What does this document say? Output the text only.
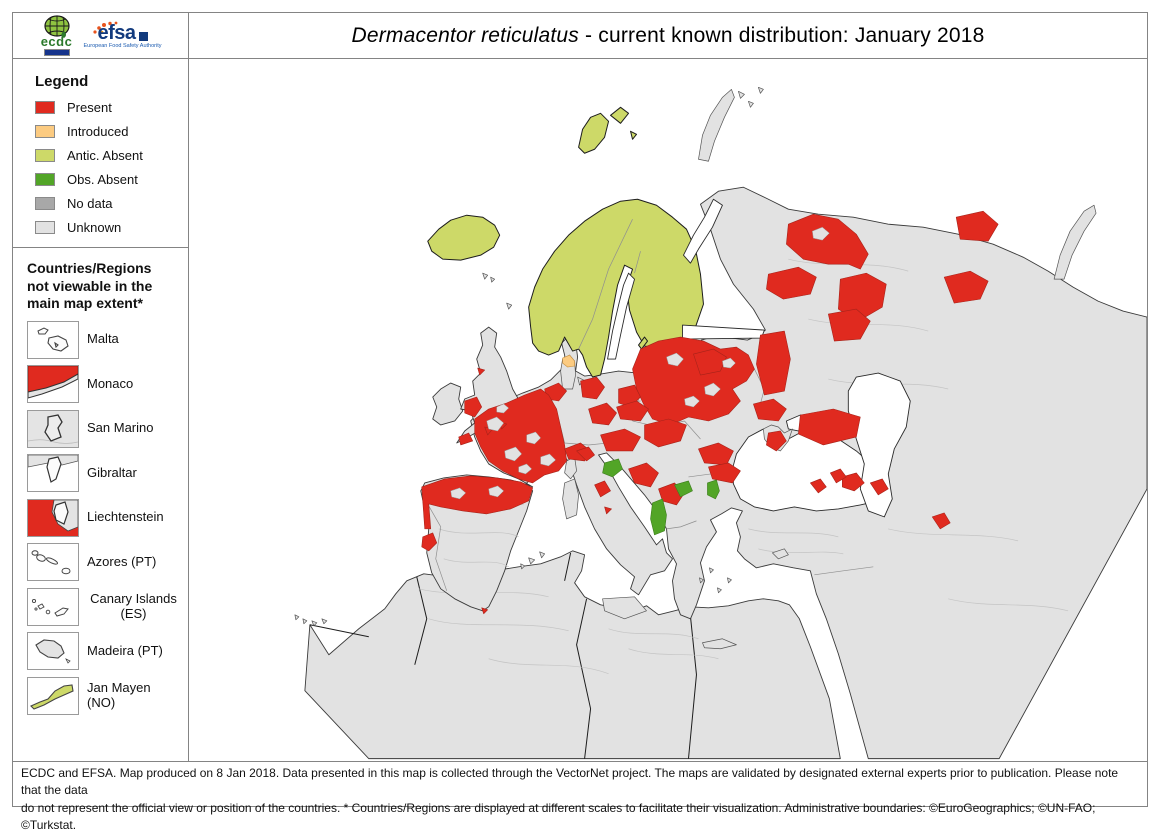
ecdc efsa
European Food Safety Authority	Dermacentor reticulatus - current known distribution: January 2018
Legend
Present
Introduced
Antic. Absent
Obs. Absent
No data
Unknown
Countries/Regions not viewable in the main map extent*
Malta
Monaco
San Marino
Gibraltar
Liechtenstein
Azores (PT)
Canary Islands (ES)
Madeira (PT)
Jan Mayen (NO)
ECDC and EFSA. Map produced on 8 Jan 2018. Data presented in this map is collected through the VectorNet project. The maps are validated by designated external experts prior to publication. Please note that the data
do not represent the official view or position of the countries. * Countries/Regions are displayed at different scales to facilitate their visualization. Administrative boundaries: ©EuroGeographics; ©UN-FAO; ©Turkstat.
